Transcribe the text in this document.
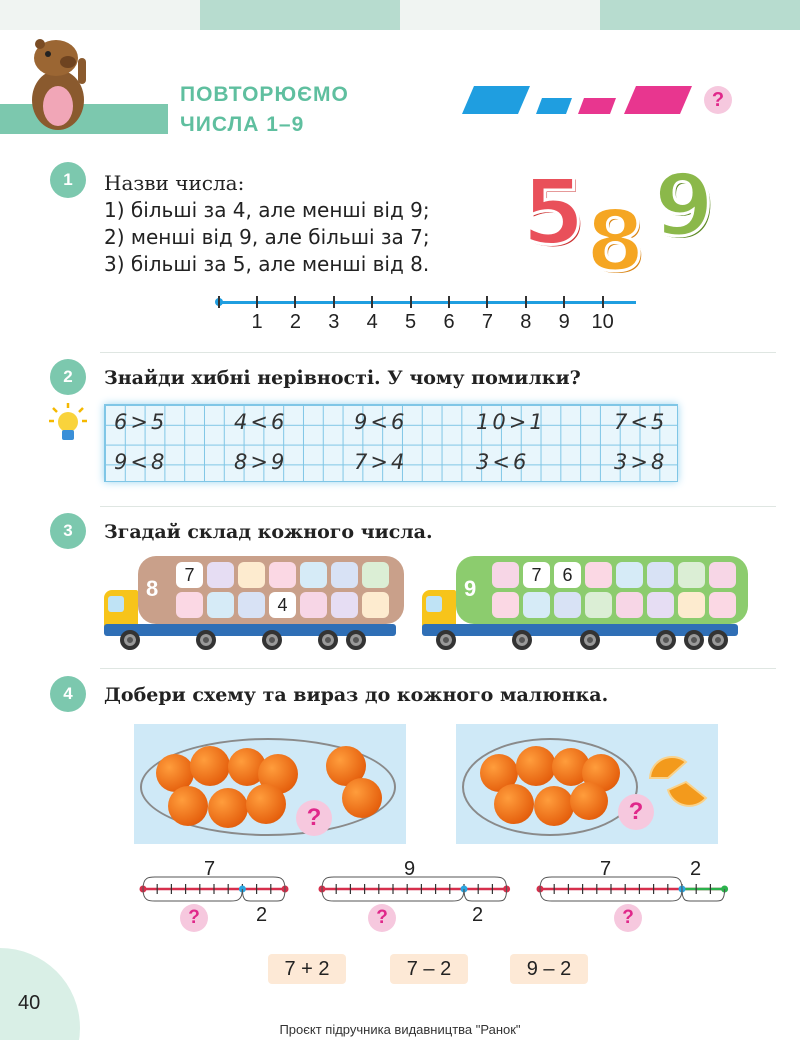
ПОВТОРЮЄМО
ЧИСЛА 1–9
?
1	Назви числа:
1) більші за 4, але менші від 9;
2) менші від 9, але більші за 7;
3) більші за 5, але менші від 8. 5 8 9
1	2	3	4	5	6	7	8	9	10
2	Знайди хибні нерівності. У чому помилки?
6>5	4<6	9<6	10>1	7<5
9<8	8>9	7>4	3<6	3>8
3	Згадай склад кожного числа.
8
7
4
9
7	6
4	Добери схему та вираз до кожного малюнка.
?	?
7
2
?
9
2
?
7	2
?
7 + 2	7 – 2	9 – 2
40
Проєкт підручника видавництва "Ранок"
